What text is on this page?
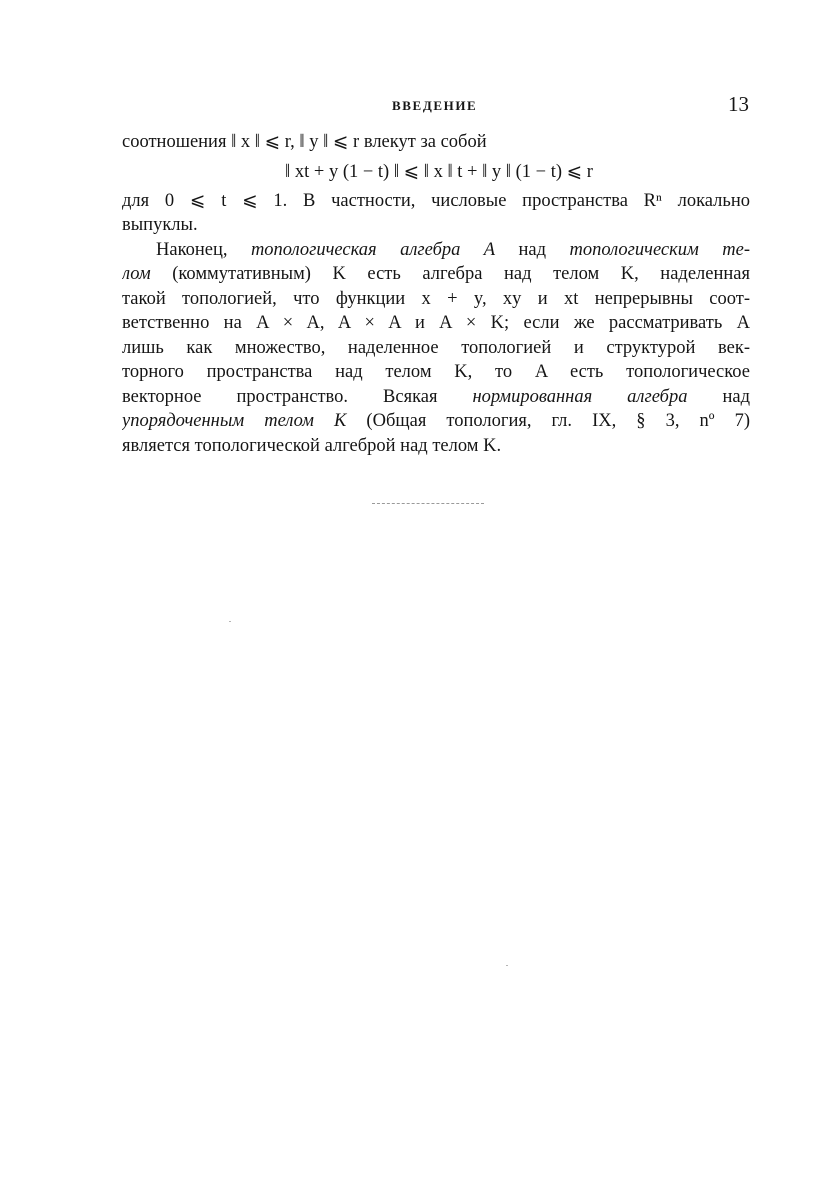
ВВЕДЕНИЕ	13
соотношения ‖ x ‖ ⩽ r, ‖ y ‖ ⩽ r влекут за собой
‖ xt + y (1 − t) ‖ ⩽ ‖ x ‖ t + ‖ y ‖ (1 − t) ⩽ r
для 0 ⩽ t ⩽ 1. В частности, числовые пространства Rⁿ локально
выпуклы.
Наконец, топологическая алгебра A над топологическим те-
лом (коммутативным) K есть алгебра над телом K, наделенная
такой топологией, что функции x + y, xy и xt непрерывны соот-
ветственно на A × A, A × A и A × K; если же рассматривать A
лишь как множество, наделенное топологией и структурой век-
торного пространства над телом K, то A есть топологическое
векторное пространство. Всякая нормированная алгебра над
упорядоченным телом K (Общая топология, гл. IX, § 3, nº 7)
является топологической алгеброй над телом K.
